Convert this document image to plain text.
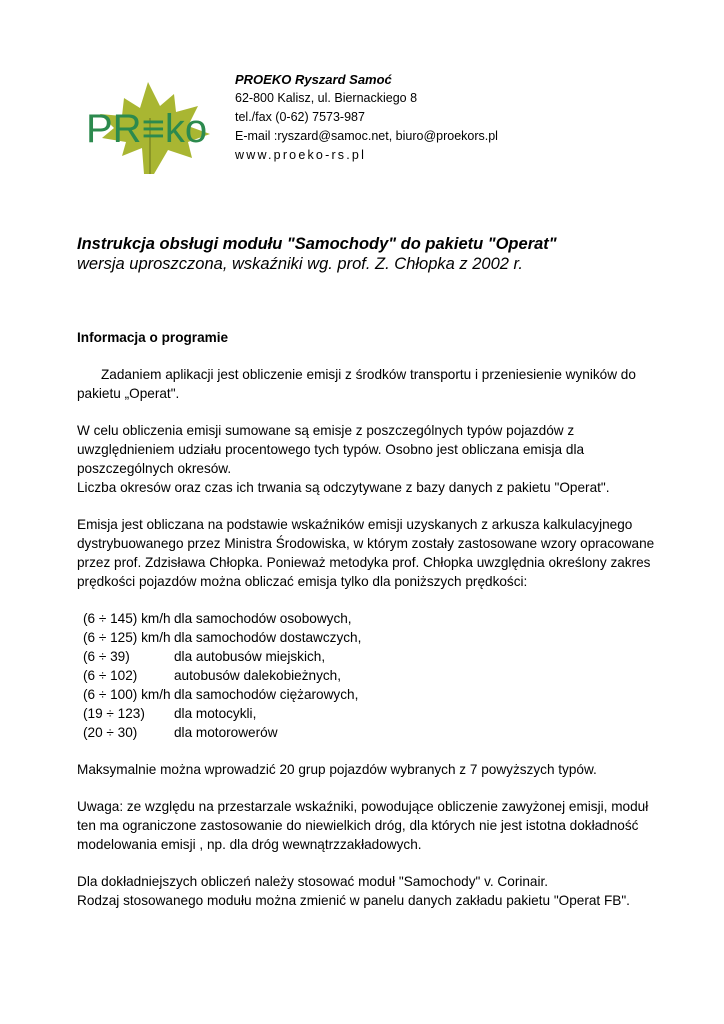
PR≡ko
PROEKO Ryszard Samoć
62-800 Kalisz, ul. Biernackiego 8
tel./fax (0-62) 7573-987
E-mail :ryszard@samoc.net, biuro@proekors.pl
www.proeko-rs.pl
Instrukcja obsługi modułu "Samochody" do pakietu "Operat"
wersja uproszczona, wskaźniki wg. prof. Z. Chłopka z 2002 r.

Informacja o programie

Zadaniem aplikacji jest obliczenie emisji z środków transportu i przeniesienie wyników do pakietu „Operat".

W celu obliczenia emisji sumowane są emisje z poszczególnych typów pojazdów z uwzględnieniem udziału procentowego tych typów. Osobno jest obliczana emisja dla poszczególnych okresów.

Liczba okresów oraz czas ich trwania są odczytywane z bazy danych z pakietu "Operat".

Emisja jest obliczana na podstawie wskaźników emisji uzyskanych z arkusza kalkulacyjnego dystrybuowanego przez Ministra Środowiska, w którym zostały zastosowane wzory opracowane przez prof. Zdzisława Chłopka. Ponieważ metodyka prof. Chłopka uwzględnia określony zakres prędkości pojazdów można obliczać emisja tylko dla poniższych prędkości:

(6 ÷ 145) km/h dla samochodów osobowych,
(6 ÷ 125) km/h dla samochodów dostawczych,
(6 ÷ 39)	dla autobusów miejskich,
(6 ÷ 102)	autobusów dalekobieżnych,
(6 ÷ 100) km/h dla samochodów ciężarowych,
(19 ÷ 123)	dla motocykli,
(20 ÷ 30)	dla motorowerów

Maksymalnie można wprowadzić 20 grup pojazdów wybranych z 7 powyższych typów.

Uwaga: ze względu na przestarzale wskaźniki, powodujące obliczenie zawyżonej emisji, moduł ten ma ograniczone zastosowanie do niewielkich dróg, dla których nie jest istotna dokładność modelowania emisji , np. dla dróg wewnątrzzakładowych.

Dla dokładniejszych obliczeń należy stosować moduł "Samochody" v. Corinair.

Rodzaj stosowanego modułu można zmienić w panelu danych zakładu pakietu "Operat FB".
